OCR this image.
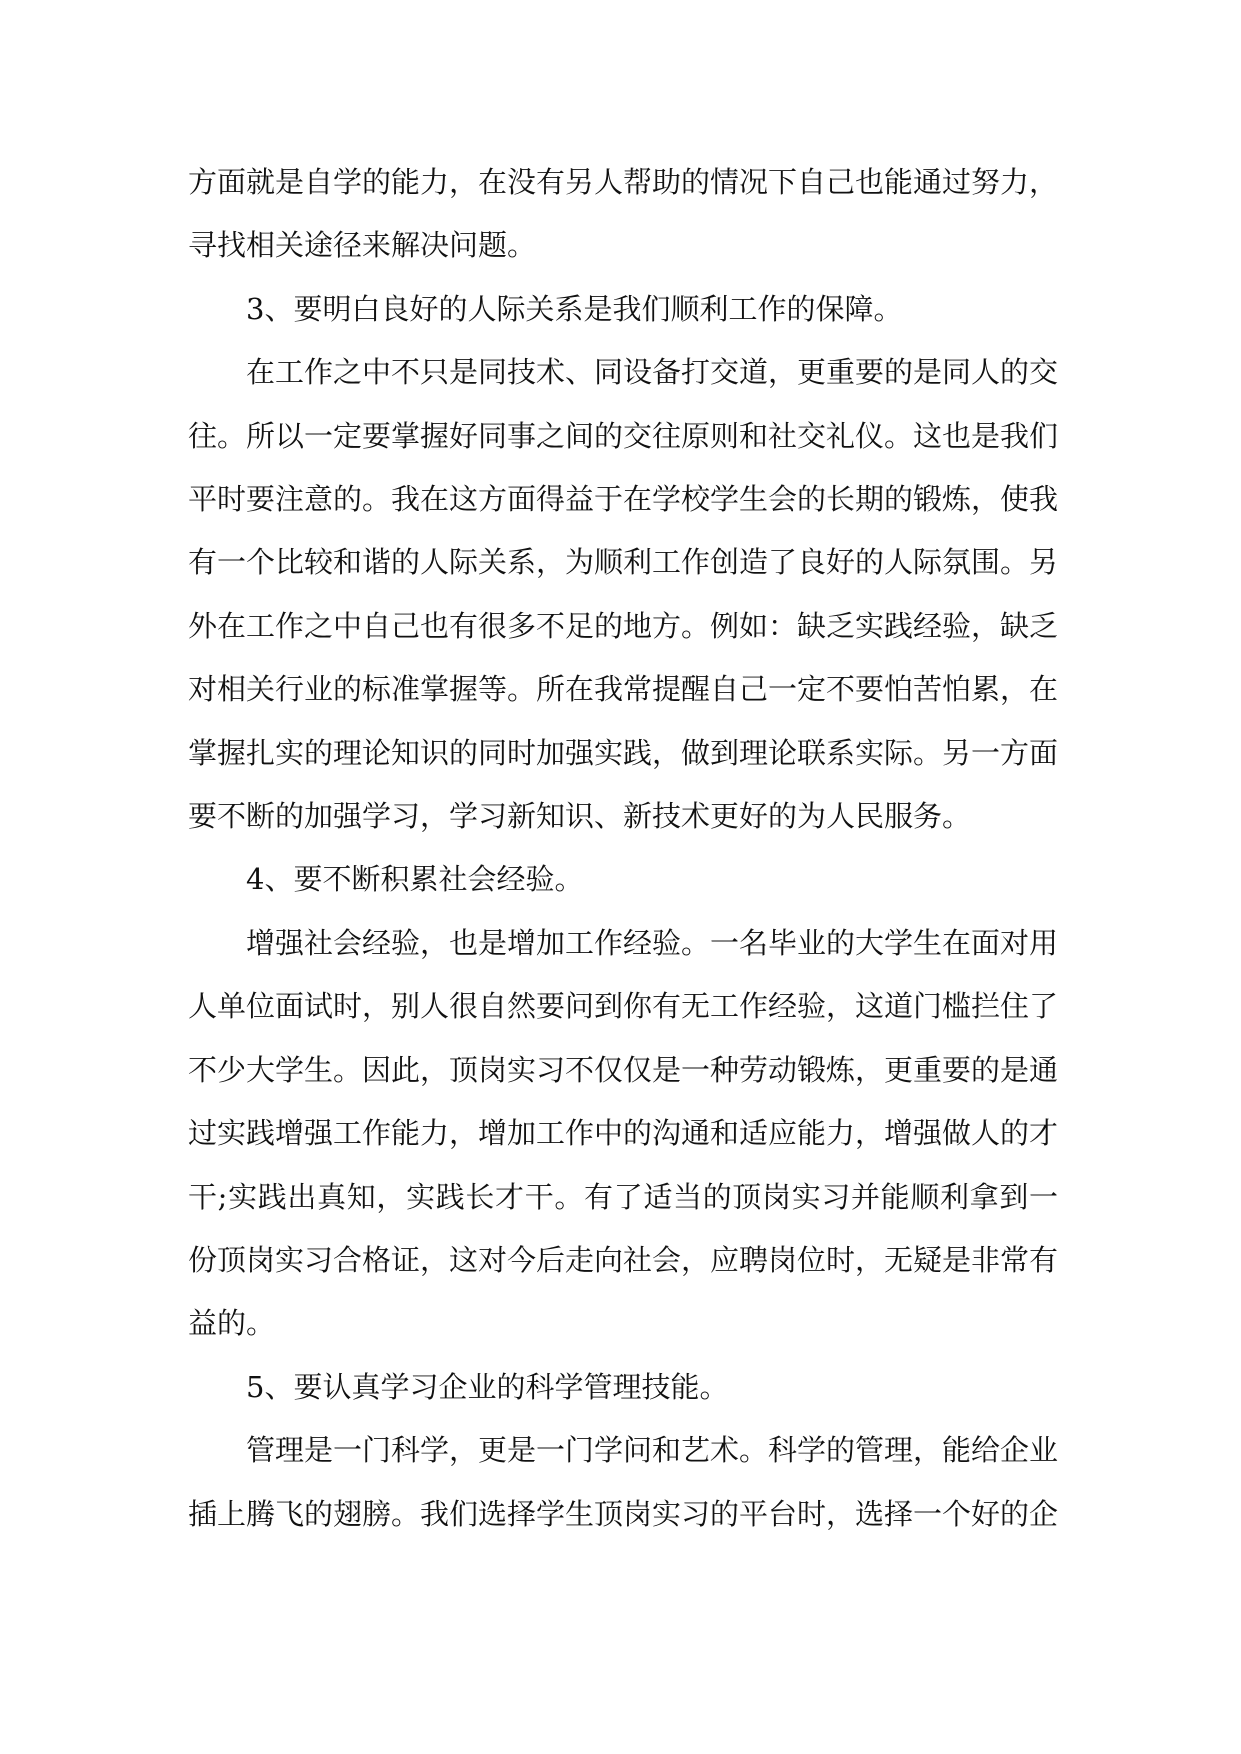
方面就是自学的能力，在没有另人帮助的情况下自己也能通过努力，寻找相关途径来解决问题。

3、要明白良好的人际关系是我们顺利工作的保障。

在工作之中不只是同技术、同设备打交道，更重要的是同人的交往。所以一定要掌握好同事之间的交往原则和社交礼仪。这也是我们平时要注意的。我在这方面得益于在学校学生会的长期的锻炼，使我有一个比较和谐的人际关系，为顺利工作创造了良好的人际氛围。另外在工作之中自己也有很多不足的地方。例如：缺乏实践经验，缺乏对相关行业的标准掌握等。所在我常提醒自己一定不要怕苦怕累，在掌握扎实的理论知识的同时加强实践，做到理论联系实际。另一方面要不断的加强学习，学习新知识、新技术更好的为人民服务。

4、要不断积累社会经验。

增强社会经验，也是增加工作经验。一名毕业的大学生在面对用人单位面试时，别人很自然要问到你有无工作经验，这道门槛拦住了不少大学生。因此，顶岗实习不仅仅是一种劳动锻炼，更重要的是通过实践增强工作能力，增加工作中的沟通和适应能力，增强做人的才干;实践出真知，实践长才干。有了适当的顶岗实习并能顺利拿到一份顶岗实习合格证，这对今后走向社会，应聘岗位时，无疑是非常有益的。

5、要认真学习企业的科学管理技能。

管理是一门科学，更是一门学问和艺术。科学的管理，能给企业插上腾飞的翅膀。我们选择学生顶岗实习的平台时，选择一个好的企
